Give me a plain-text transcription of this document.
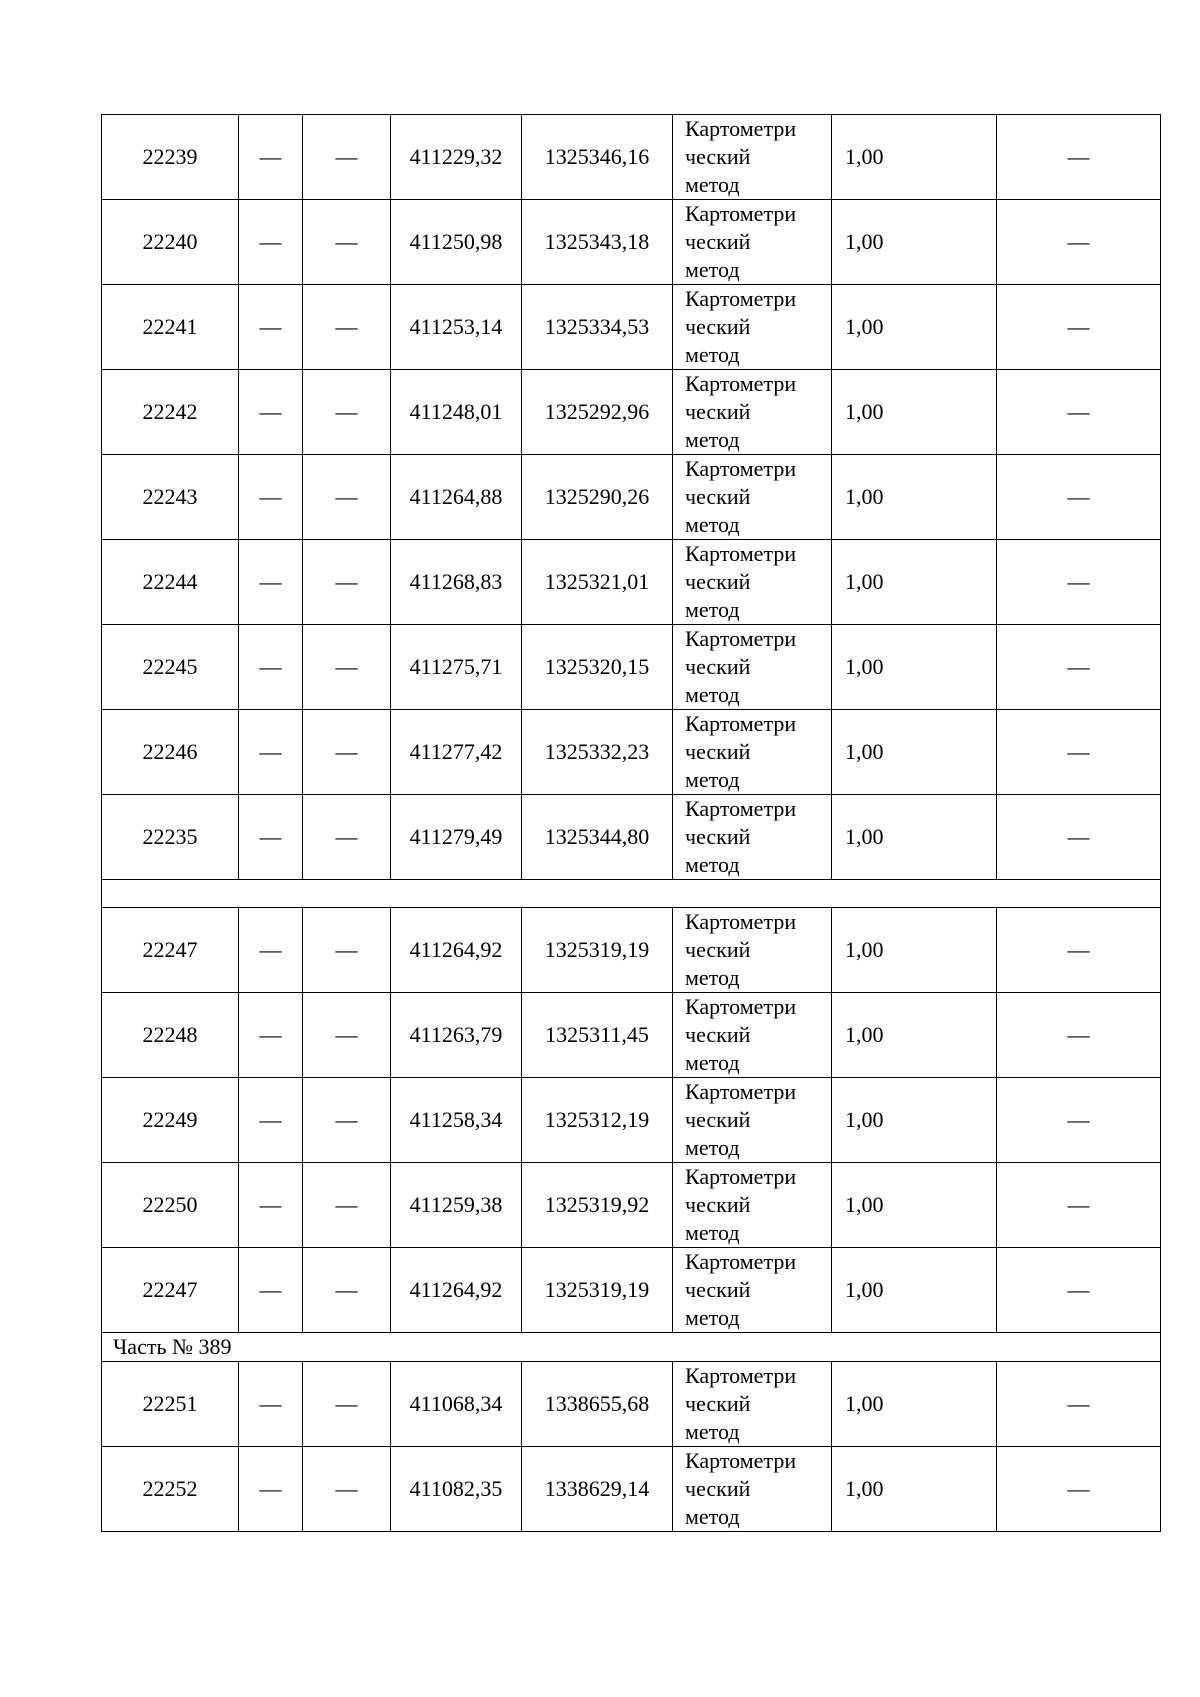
22239	—	—	411229,32	1325346,16	Картометри
ческий
метод	1,00	—
22240	—	—	411250,98	1325343,18	Картометри
ческий
метод	1,00	—
22241	—	—	411253,14	1325334,53	Картометри
ческий
метод	1,00	—
22242	—	—	411248,01	1325292,96	Картометри
ческий
метод	1,00	—
22243	—	—	411264,88	1325290,26	Картометри
ческий
метод	1,00	—
22244	—	—	411268,83	1325321,01	Картометри
ческий
метод	1,00	—
22245	—	—	411275,71	1325320,15	Картометри
ческий
метод	1,00	—
22246	—	—	411277,42	1325332,23	Картометри
ческий
метод	1,00	—
22235	—	—	411279,49	1325344,80	Картометри
ческий
метод	1,00	—

22247	—	—	411264,92	1325319,19	Картометри
ческий
метод	1,00	—
22248	—	—	411263,79	1325311,45	Картометри
ческий
метод	1,00	—
22249	—	—	411258,34	1325312,19	Картометри
ческий
метод	1,00	—
22250	—	—	411259,38	1325319,92	Картометри
ческий
метод	1,00	—
22247	—	—	411264,92	1325319,19	Картометри
ческий
метод	1,00	—
Часть № 389							
22251	—	—	411068,34	1338655,68	Картометри
ческий
метод	1,00	—
22252	—	—	411082,35	1338629,14	Картометри
ческий
метод	1,00	—
